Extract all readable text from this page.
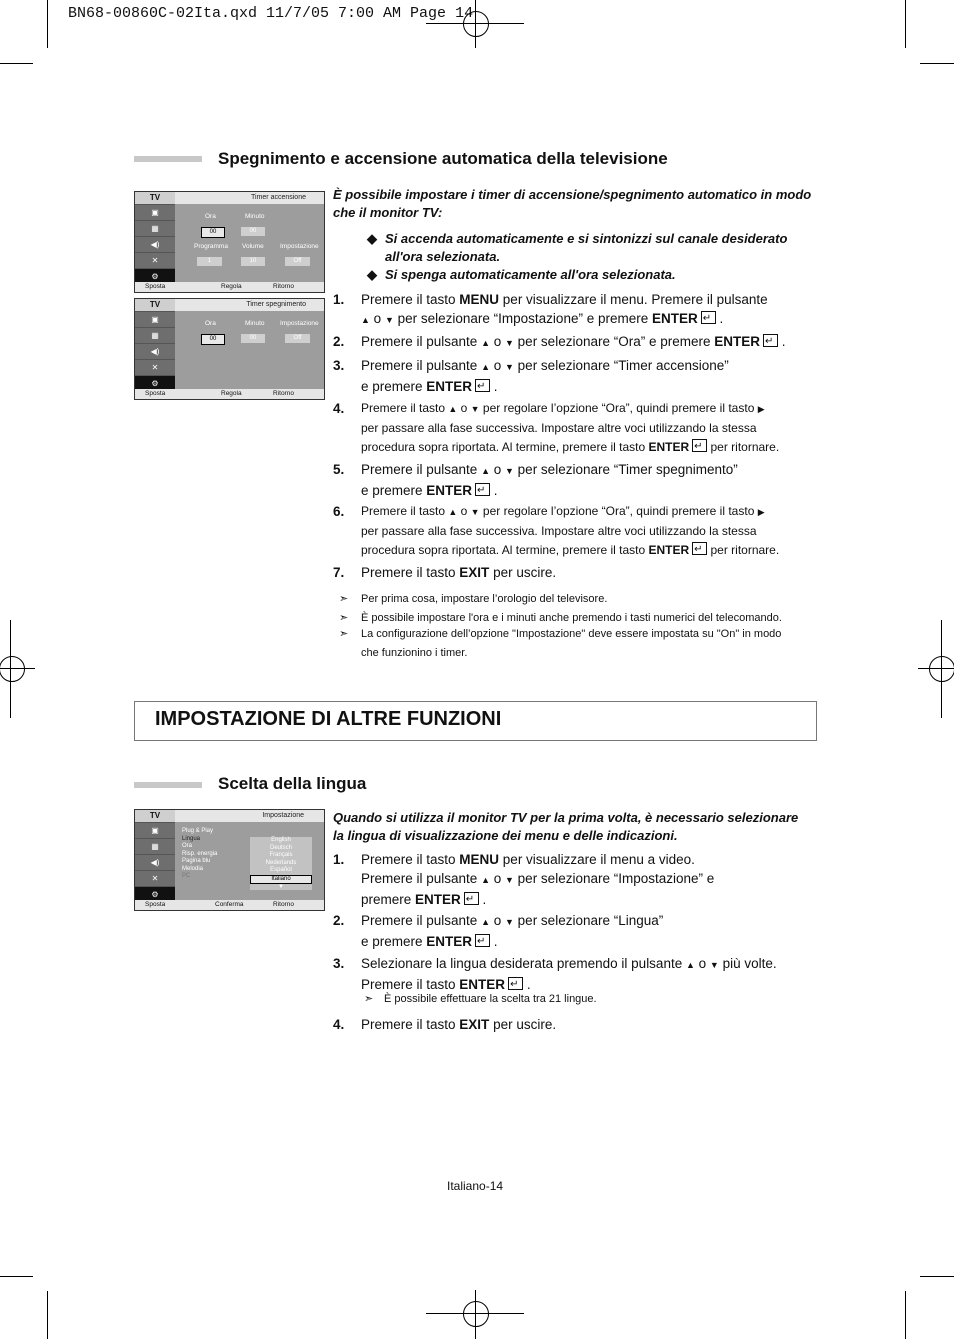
BN68-00860C-02Ita.qxd 11/7/05 7:00 AM Page 14
Spegnimento e accensione automatica della televisione
TV	Timer accensione
▣
▦
◀)
✕
⚙
Ora	Minuto
00	00
Programma Volume	Impostazione
1	10	Off
Sposta	Regola	Ritorno
TV	Timer spegnimento
▣
▦
◀)
✕
⚙
Ora	Minuto Impostazione
00	00	Off
Sposta	Regola	Ritorno
È possibile impostare i timer di accensione/spegnimento automatico in modo che il monitor TV:
◆ Si accenda automaticamente e si sintonizzi sul canale desiderato all'ora selezionata.
◆ Si spenga automaticamente all'ora selezionata.
1. Premere il tasto MENU per visualizzare il menu. Premere il pulsante
▲ o ▼ per selezionare “Impostazione” e premere ENTER↵ .
2. Premere il pulsante ▲ o ▼ per selezionare “Ora” e premere ENTER↵ .
3. Premere il pulsante ▲ o ▼ per selezionare “Timer accensione”
e premere ENTER↵ .
4. Premere il tasto ▲ o ▼ per regolare l’opzione “Ora”, quindi premere il tasto ▶
per passare alla fase successiva. Impostare altre voci utilizzando la stessa
procedura sopra riportata. Al termine, premere il tasto ENTER↵ per ritornare.
5. Premere il pulsante ▲ o ▼ per selezionare “Timer spegnimento”
e premere ENTER↵ .
6. Premere il tasto ▲ o ▼ per regolare l’opzione “Ora”, quindi premere il tasto ▶
per passare alla fase successiva. Impostare altre voci utilizzando la stessa
procedura sopra riportata. Al termine, premere il tasto ENTER↵ per ritornare.
7. Premere il tasto EXIT per uscire.
➣ Per prima cosa, impostare l’orologio del televisore.
➣ È possibile impostare l'ora e i minuti anche premendo i tasti numerici del telecomando.
➣ La configurazione dell’opzione "Impostazione" deve essere impostata su "On" in modo
che funzionino i timer.
IMPOSTAZIONE DI ALTRE FUNZIONI
Scelta della lingua
TV	Impostazione
▣
▦
◀)
✕
⚙
Plug & Play
Lingua
Ora
Risp. energia
Pagina blu
Melodia
PC
English
Deutsch
Français
Nederlands
Español
Italiano
▼
Sposta	Conferma	Ritorno
Quando si utilizza il monitor TV per la prima volta, è necessario selezionare la lingua di visualizzazione dei menu e delle indicazioni.
1. Premere il tasto MENU per visualizzare il menu a video.
Premere il pulsante ▲ o ▼ per selezionare “Impostazione” e
premere ENTER↵ .
2. Premere il pulsante ▲ o ▼ per selezionare “Lingua”
e premere ENTER↵ .
3. Selezionare la lingua desiderata premendo il pulsante ▲ o ▼ più volte.
Premere il tasto ENTER↵ .
➣ È possibile effettuare la scelta tra 21 lingue.
4. Premere il tasto EXIT per uscire.
Italiano-14
